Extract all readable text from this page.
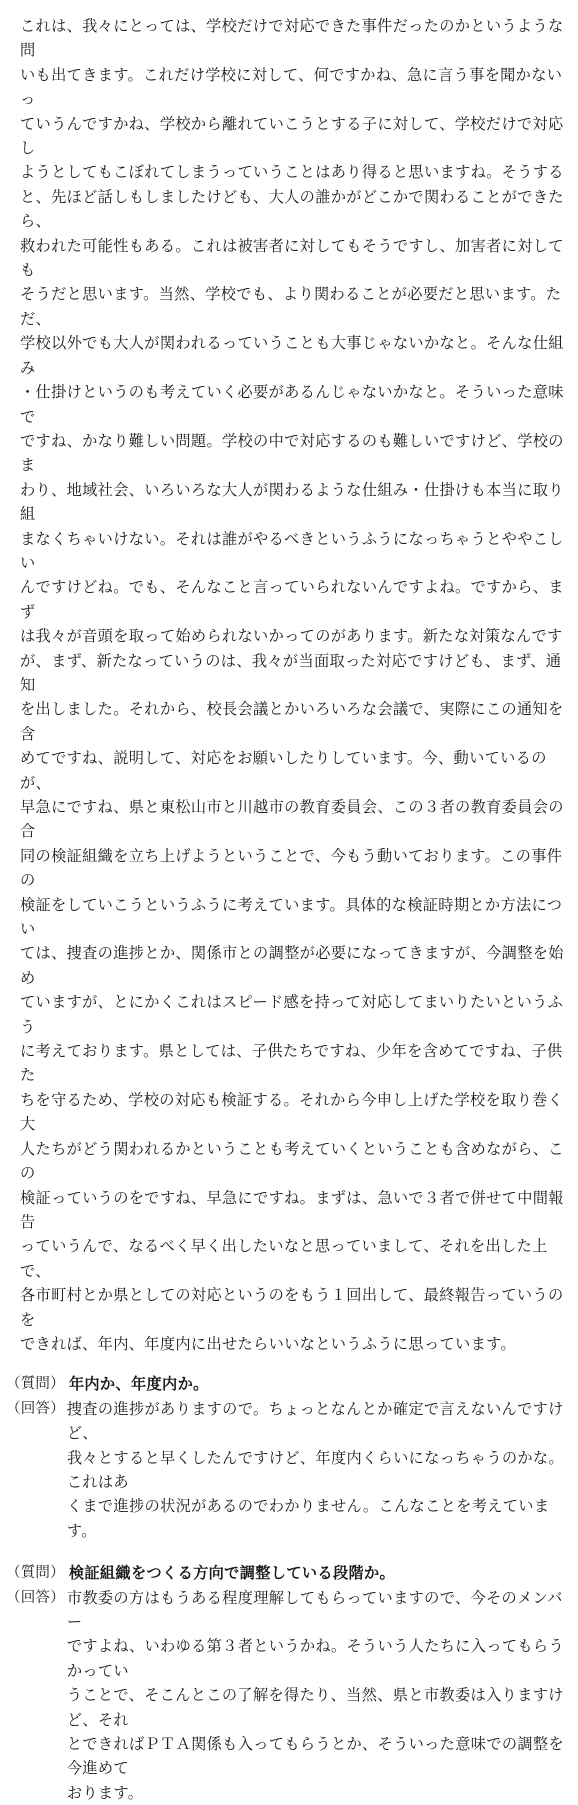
これは、我々にとっては、学校だけで対応できた事件だったのかというような問
いも出てきます。これだけ学校に対して、何ですかね、急に言う事を聞かないっ
ていうんですかね、学校から離れていこうとする子に対して、学校だけで対応し
ようとしてもこぼれてしまうっていうことはあり得ると思いますね。そうする
と、先ほど話しもしましたけども、大人の誰かがどこかで関わることができたら、
救われた可能性もある。これは被害者に対してもそうですし、加害者に対しても
そうだと思います。当然、学校でも、より関わることが必要だと思います。ただ、
学校以外でも大人が関われるっていうことも大事じゃないかなと。そんな仕組み
・仕掛けというのも考えていく必要があるんじゃないかなと。そういった意味で
ですね、かなり難しい問題。学校の中で対応するのも難しいですけど、学校のま
わり、地域社会、いろいろな大人が関わるような仕組み・仕掛けも本当に取り組
まなくちゃいけない。それは誰がやるべきというふうになっちゃうとややこしい
んですけどね。でも、そんなこと言っていられないんですよね。ですから、まず
は我々が音頭を取って始められないかってのがあります。新たな対策なんです
が、まず、新たなっていうのは、我々が当面取った対応ですけども、まず、通知
を出しました。それから、校長会議とかいろいろな会議で、実際にこの通知を含
めてですね、説明して、対応をお願いしたりしています。今、動いているのが、
早急にですね、県と東松山市と川越市の教育委員会、この３者の教育委員会の合
同の検証組織を立ち上げようということで、今もう動いております。この事件の
検証をしていこうというふうに考えています。具体的な検証時期とか方法につい
ては、捜査の進捗とか、関係市との調整が必要になってきますが、今調整を始め
ていますが、とにかくこれはスピード感を持って対応してまいりたいというふう
に考えております。県としては、子供たちですね、少年を含めてですね、子供た
ちを守るため、学校の対応も検証する。それから今申し上げた学校を取り巻く大
人たちがどう関われるかということも考えていくということも含めながら、この
検証っていうのをですね、早急にですね。まずは、急いで３者で併せて中間報告
っていうんで、なるべく早く出したいなと思っていまして、それを出した上で、
各市町村とか県としての対応というのをもう１回出して、最終報告っていうのを
できれば、年内、年度内に出せたらいいなというふうに思っています。

（質問） 年内か、年度内か。
（回答） 捜査の進捗がありますので。ちょっとなんとか確定で言えないんですけど、
我々とすると早くしたんですけど、年度内くらいになっちゃうのかな。これはあ
くまで進捗の状況があるのでわかりません。こんなことを考えています。
（質問） 検証組織をつくる方向で調整している段階か。
（回答） 市教委の方はもうある程度理解してもらっていますので、今そのメンバー
ですよね、いわゆる第３者というかね。そういう人たちに入ってもらうかってい
うことで、そこんとこの了解を得たり、当然、県と市教委は入りますけど、それ
とできればＰＴＡ関係も入ってもらうとか、そういった意味での調整を今進めて
おります。
